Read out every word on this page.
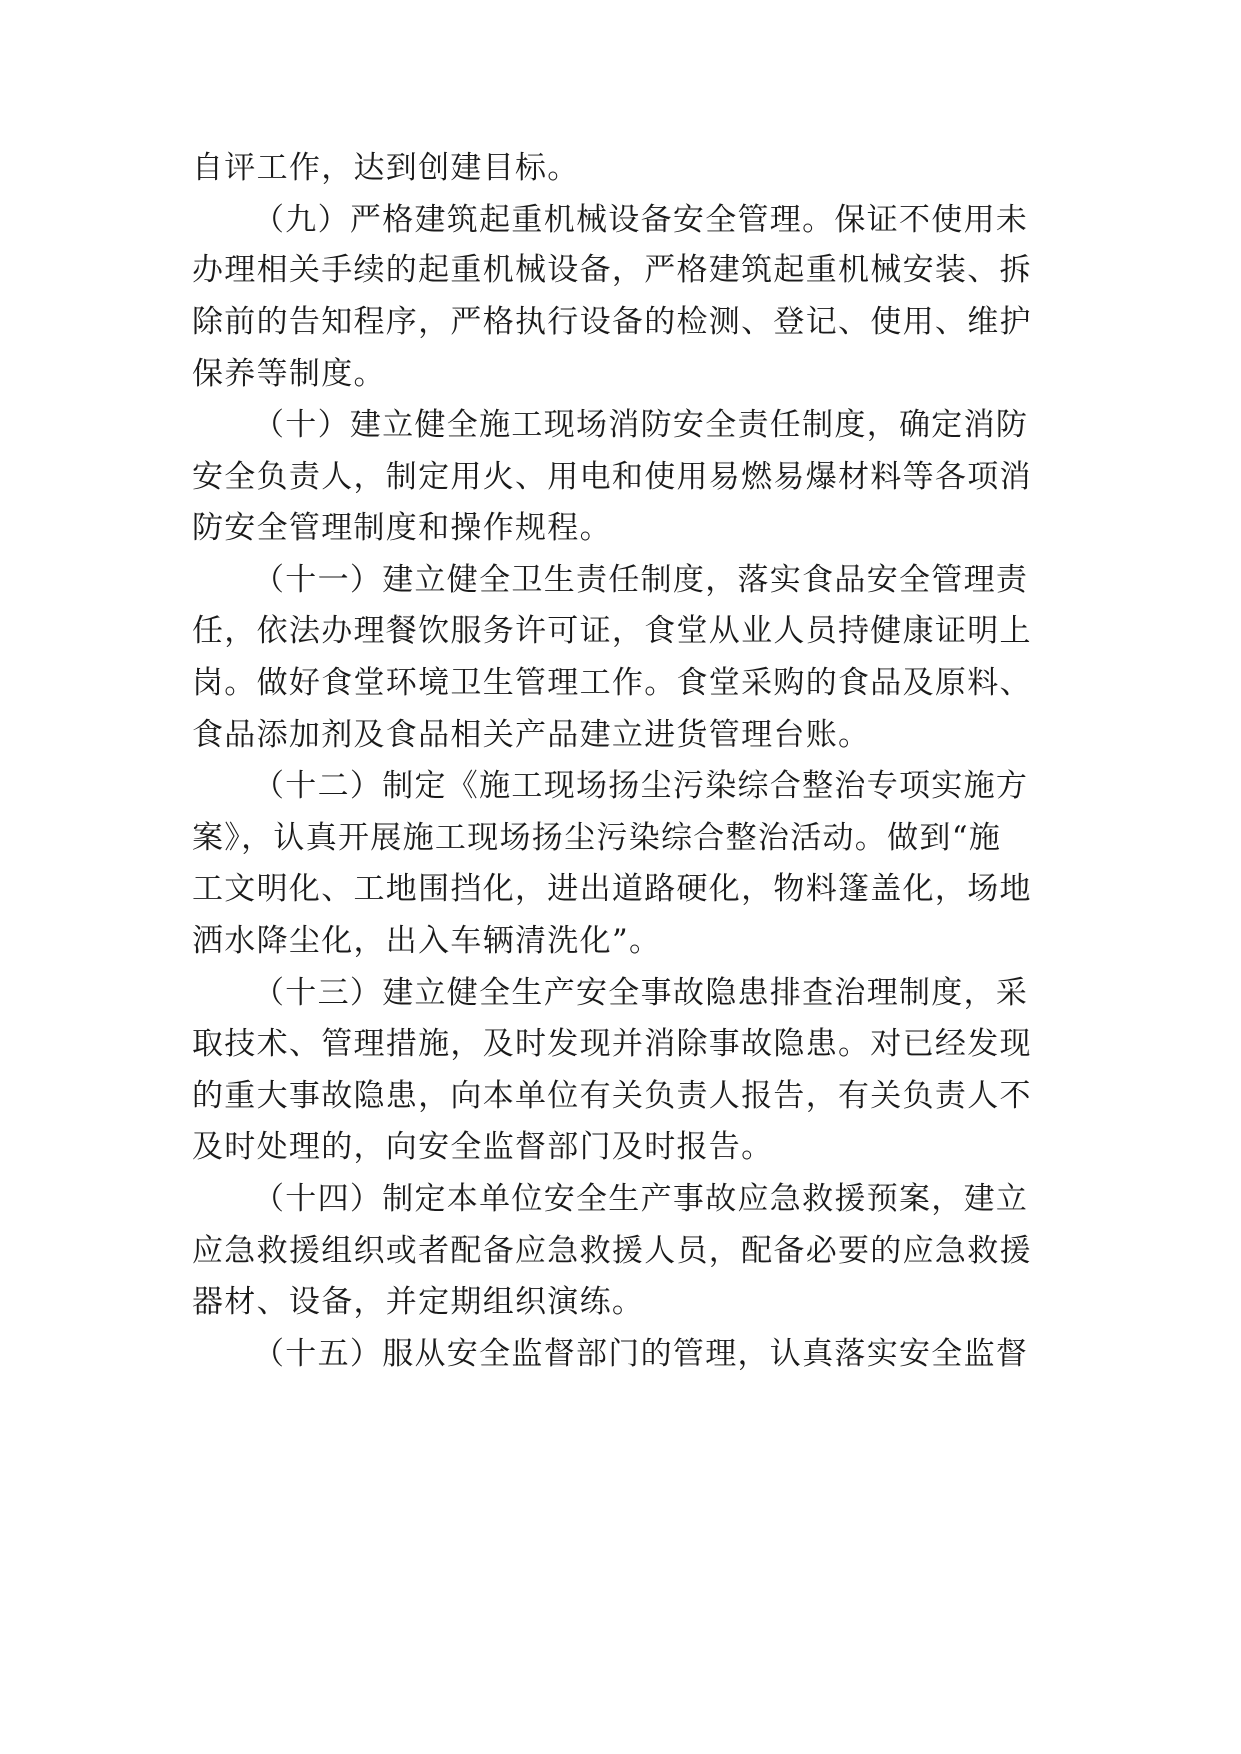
自评工作，达到创建目标。

（九）严格建筑起重机械设备安全管理。保证不使用未

办理相关手续的起重机械设备，严格建筑起重机械安装、拆

除前的告知程序，严格执行设备的检测、登记、使用、维护

保养等制度。

（十）建立健全施工现场消防安全责任制度，确定消防

安全负责人，制定用火、用电和使用易燃易爆材料等各项消

防安全管理制度和操作规程。

（十一）建立健全卫生责任制度，落实食品安全管理责

任，依法办理餐饮服务许可证，食堂从业人员持健康证明上

岗。做好食堂环境卫生管理工作。食堂采购的食品及原料、

食品添加剂及食品相关产品建立进货管理台账。

（十二）制定《施工现场扬尘污染综合整治专项实施方

案》，认真开展施工现场扬尘污染综合整治活动。做到“施

工文明化、工地围挡化，进出道路硬化，物料篷盖化，场地

洒水降尘化，出入车辆清洗化”。

（十三）建立健全生产安全事故隐患排查治理制度，采

取技术、管理措施，及时发现并消除事故隐患。对已经发现

的重大事故隐患，向本单位有关负责人报告，有关负责人不

及时处理的，向安全监督部门及时报告。

（十四）制定本单位安全生产事故应急救援预案，建立

应急救援组织或者配备应急救援人员，配备必要的应急救援

器材、设备，并定期组织演练。

（十五）服从安全监督部门的管理，认真落实安全监督
